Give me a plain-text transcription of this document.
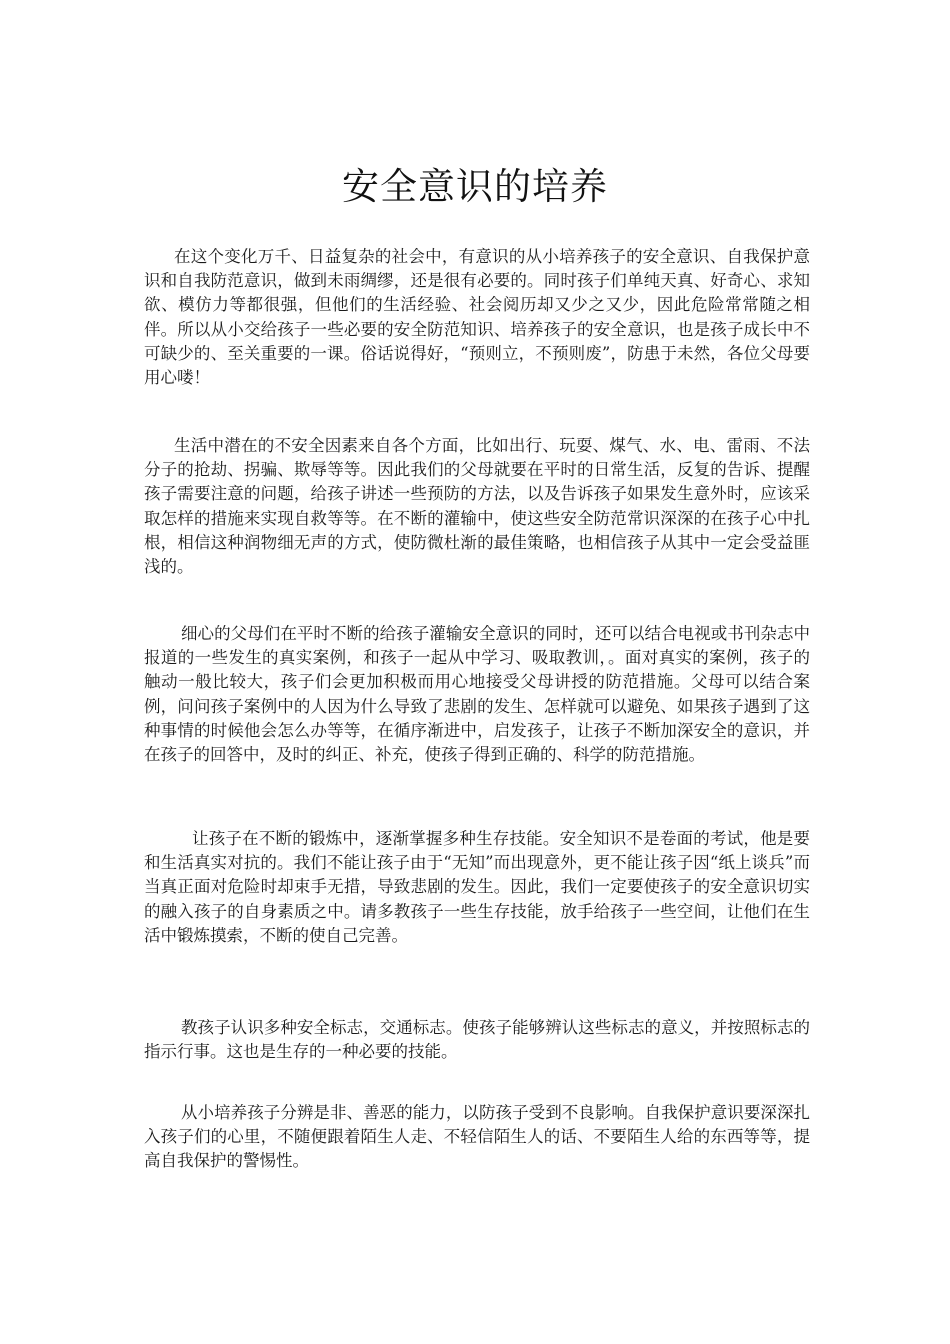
安全意识的培养

在这个变化万千、日益复杂的社会中，有意识的从小培养孩子的安全意识、自我保护意识和自我防范意识，做到未雨绸缪，还是很有必要的。同时孩子们单纯天真、好奇心、求知欲、模仿力等都很强，但他们的生活经验、社会阅历却又少之又少，因此危险常常随之相伴。所以从小交给孩子一些必要的安全防范知识、培养孩子的安全意识，也是孩子成长中不可缺少的、至关重要的一课。俗话说得好，“预则立，不预则废”，防患于未然，各位父母要用心喽！

生活中潜在的不安全因素来自各个方面，比如出行、玩耍、煤气、水、电、雷雨、不法分子的抢劫、拐骗、欺辱等等。因此我们的父母就要在平时的日常生活，反复的告诉、提醒孩子需要注意的问题，给孩子讲述一些预防的方法，以及告诉孩子如果发生意外时，应该采取怎样的措施来实现自救等等。在不断的灌输中，使这些安全防范常识深深的在孩子心中扎根，相信这种润物细无声的方式，使防微杜渐的最佳策略，也相信孩子从其中一定会受益匪浅的。

细心的父母们在平时不断的给孩子灌输安全意识的同时，还可以结合电视或书刊杂志中报道的一些发生的真实案例，和孩子一起从中学习、吸取教训，。面对真实的案例，孩子的触动一般比较大，孩子们会更加积极而用心地接受父母讲授的防范措施。父母可以结合案例，问问孩子案例中的人因为什么导致了悲剧的发生、怎样就可以避免、如果孩子遇到了这种事情的时候他会怎么办等等，在循序渐进中，启发孩子，让孩子不断加深安全的意识，并在孩子的回答中，及时的纠正、补充，使孩子得到正确的、科学的防范措施。

让孩子在不断的锻炼中，逐渐掌握多种生存技能。安全知识不是卷面的考试，他是要和生活真实对抗的。我们不能让孩子由于“无知”而出现意外，更不能让孩子因“纸上谈兵”而当真正面对危险时却束手无措，导致悲剧的发生。因此，我们一定要使孩子的安全意识切实的融入孩子的自身素质之中。请多教孩子一些生存技能，放手给孩子一些空间，让他们在生活中锻炼摸索，不断的使自己完善。

教孩子认识多种安全标志，交通标志。使孩子能够辨认这些标志的意义，并按照标志的指示行事。这也是生存的一种必要的技能。

从小培养孩子分辨是非、善恶的能力，以防孩子受到不良影响。自我保护意识要深深扎入孩子们的心里，不随便跟着陌生人走、不轻信陌生人的话、不要陌生人给的东西等等，提高自我保护的警惕性。
